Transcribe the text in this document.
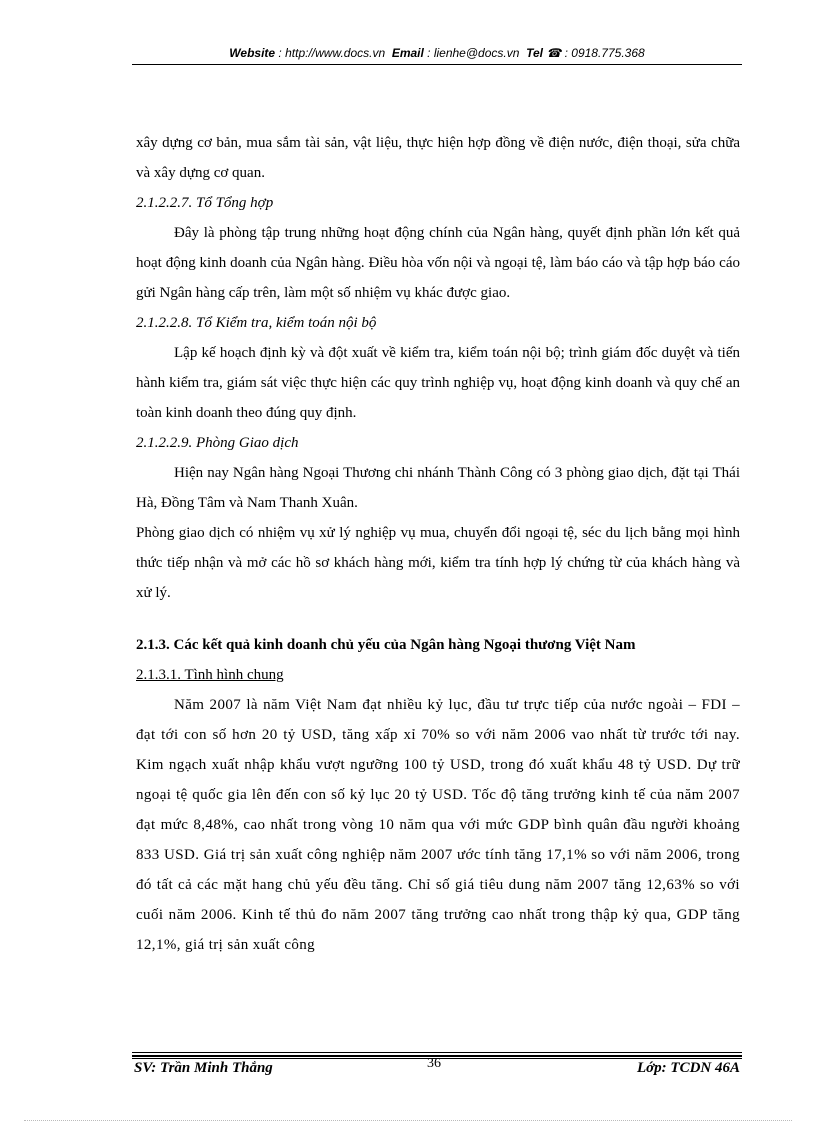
Website : http://www.docs.vn Email : lienhe@docs.vn Tel ☎ : 0918.775.368

xây dựng cơ bản, mua sắm tài sản, vật liệu, thực hiện hợp đồng về điện nước, điện thoại, sửa chữa và xây dựng cơ quan.

2.1.2.2.7. Tổ Tổng hợp

Đây là phòng tập trung những hoạt động chính của Ngân hàng, quyết định phần lớn kết quả hoạt động kinh doanh của Ngân hàng. Điều hòa vốn nội và ngoại tệ, làm báo cáo và tập hợp báo cáo gửi Ngân hàng cấp trên, làm một số nhiệm vụ khác được giao.

2.1.2.2.8. Tổ Kiểm tra, kiểm toán nội bộ

Lập kế hoạch định kỳ và đột xuất về kiểm tra, kiểm toán nội bộ; trình giám đốc duyệt và tiến hành kiểm tra, giám sát việc thực hiện các quy trình nghiệp vụ, hoạt động kinh doanh và quy chế an toàn kinh doanh theo đúng quy định.

2.1.2.2.9. Phòng Giao dịch

Hiện nay Ngân hàng Ngoại Thương chi nhánh Thành Công có 3 phòng giao dịch, đặt tại Thái Hà, Đồng Tâm và Nam Thanh Xuân.

Phòng giao dịch có nhiệm vụ xử lý nghiệp vụ mua, chuyển đổi ngoại tệ, séc du lịch bằng mọi hình thức tiếp nhận và mở các hồ sơ khách hàng mới, kiểm tra tính hợp lý chứng từ của khách hàng và xử lý.

2.1.3. Các kết quả kinh doanh chủ yếu của Ngân hàng Ngoại thương Việt Nam

2.1.3.1. Tình hình chung

Năm 2007 là năm Việt Nam đạt nhiều kỷ lục, đầu tư trực tiếp của nước ngoài – FDI – đạt tới con số hơn 20 tỷ USD, tăng xấp xỉ 70% so với năm 2006 vao nhất từ trước tới nay. Kim ngạch xuất nhập khẩu vượt ngưỡng 100 tỷ USD, trong đó xuất khẩu 48 tỷ USD. Dự trữ ngoại tệ quốc gia lên đến con số kỷ lục 20 tỷ USD. Tốc độ tăng trưởng kinh tế của năm 2007 đạt mức 8,48%, cao nhất trong vòng 10 năm qua với mức GDP bình quân đầu người khoảng 833 USD. Giá trị sản xuất công nghiệp năm 2007 ước tính tăng 17,1% so với năm 2006, trong đó tất cả các mặt hang chủ yếu đều tăng. Chỉ số giá tiêu dung năm 2007 tăng 12,63% so với cuối năm 2006. Kinh tế thủ đo năm 2007 tăng trưởng cao nhất trong thập kỷ qua, GDP tăng 12,1%, giá trị sản xuất công

SV: Trần Minh Thắng	36	Lớp: TCDN 46A
